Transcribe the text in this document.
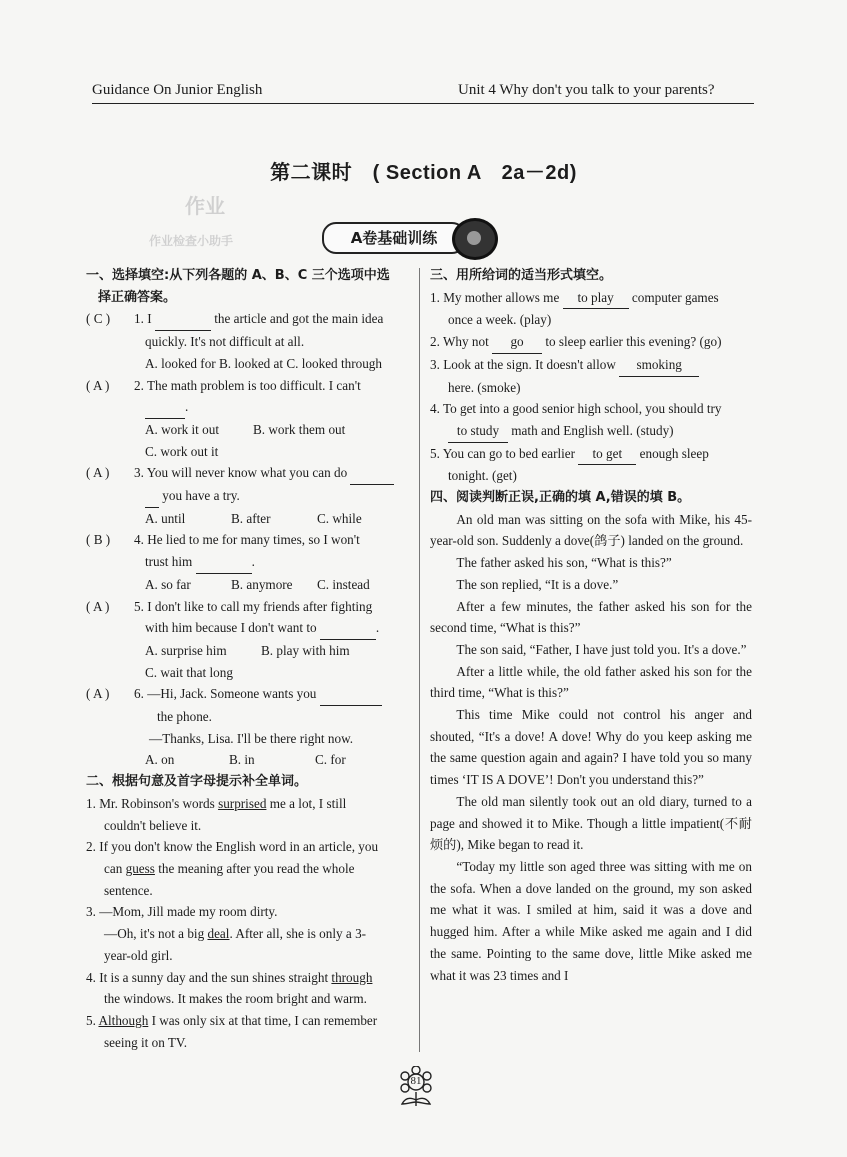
Guidance On Junior English	Unit 4 Why don't you talk to your parents?
作业
作业检查小助手
第二课时　( Section A　2a－2d)
A卷基础训练
一、选择填空:从下列各题的 A、B、C 三个选项中选
择正确答案。
( C ) 1. I	the article and got the main idea
quickly. It's not difficult at all.
A. looked for B. looked at C. looked through
( A ) 2. The math problem is too difficult. I can't
.
A. work it out	B. work them out
C. work out it
( A ) 3. You will never know what you can do
you have a try.
A. until	B. after	C. while
( B ) 4. He lied to me for many times, so I won't
trust him	.
A. so far	B. anymore C. instead
( A ) 5. I don't like to call my friends after fighting
with him because I don't want to	.
A. surprise him	B. play with him
C. wait that long
( A ) 6. —Hi, Jack. Someone wants you
the phone.
—Thanks, Lisa. I'll be there right now.
A. on	B. in	C. for
二、根据句意及首字母提示补全单词。
1. Mr. Robinson's words surprised me a lot, I still
couldn't believe it.
2. If you don't know the English word in an article, you
can guess the meaning after you read the whole
sentence.
3. —Mom, Jill made my room dirty.
—Oh, it's not a big deal. After all, she is only a 3-
year-old girl.
4. It is a sunny day and the sun shines straight through
the windows. It makes the room bright and warm.
5. Although I was only six at that time, I can remember
seeing it on TV.
三、用所给词的适当形式填空。
1. My mother allows me to play computer games
once a week. (play)
2. Why not go to sleep earlier this evening? (go)
3. Look at the sign. It doesn't allow smoking
here. (smoke)
4. To get into a good senior high school, you should try
to study math and English well. (study)
5. You can go to bed earlier to get enough sleep
tonight. (get)
四、阅读判断正误,正确的填 A,错误的填 B。
An old man was sitting on the sofa with Mike, his 45-year-old son. Suddenly a dove(鸽子) landed on the ground.
The father asked his son, “What is this?”
The son replied, “It is a dove.”
After a few minutes, the father asked his son for the second time, “What is this?”
The son said, “Father, I have just told you. It's a dove.”
After a little while, the old father asked his son for the third time, “What is this?”
This time Mike could not control his anger and shouted, “It's a dove! A dove! Why do you keep asking me the same question again and again? I have told you so many times ‘IT IS A DOVE’! Don't you understand this?”
The old man silently took out an old diary, turned to a page and showed it to Mike. Though a little impatient(不耐烦的), Mike began to read it.
“Today my little son aged three was sitting with me on the sofa. When a dove landed on the ground, my son asked me what it was. I smiled at him, said it was a dove and hugged him. After a while Mike asked me again and I did the same. Pointing to the same dove, little Mike asked me what it was 23 times and I
81
